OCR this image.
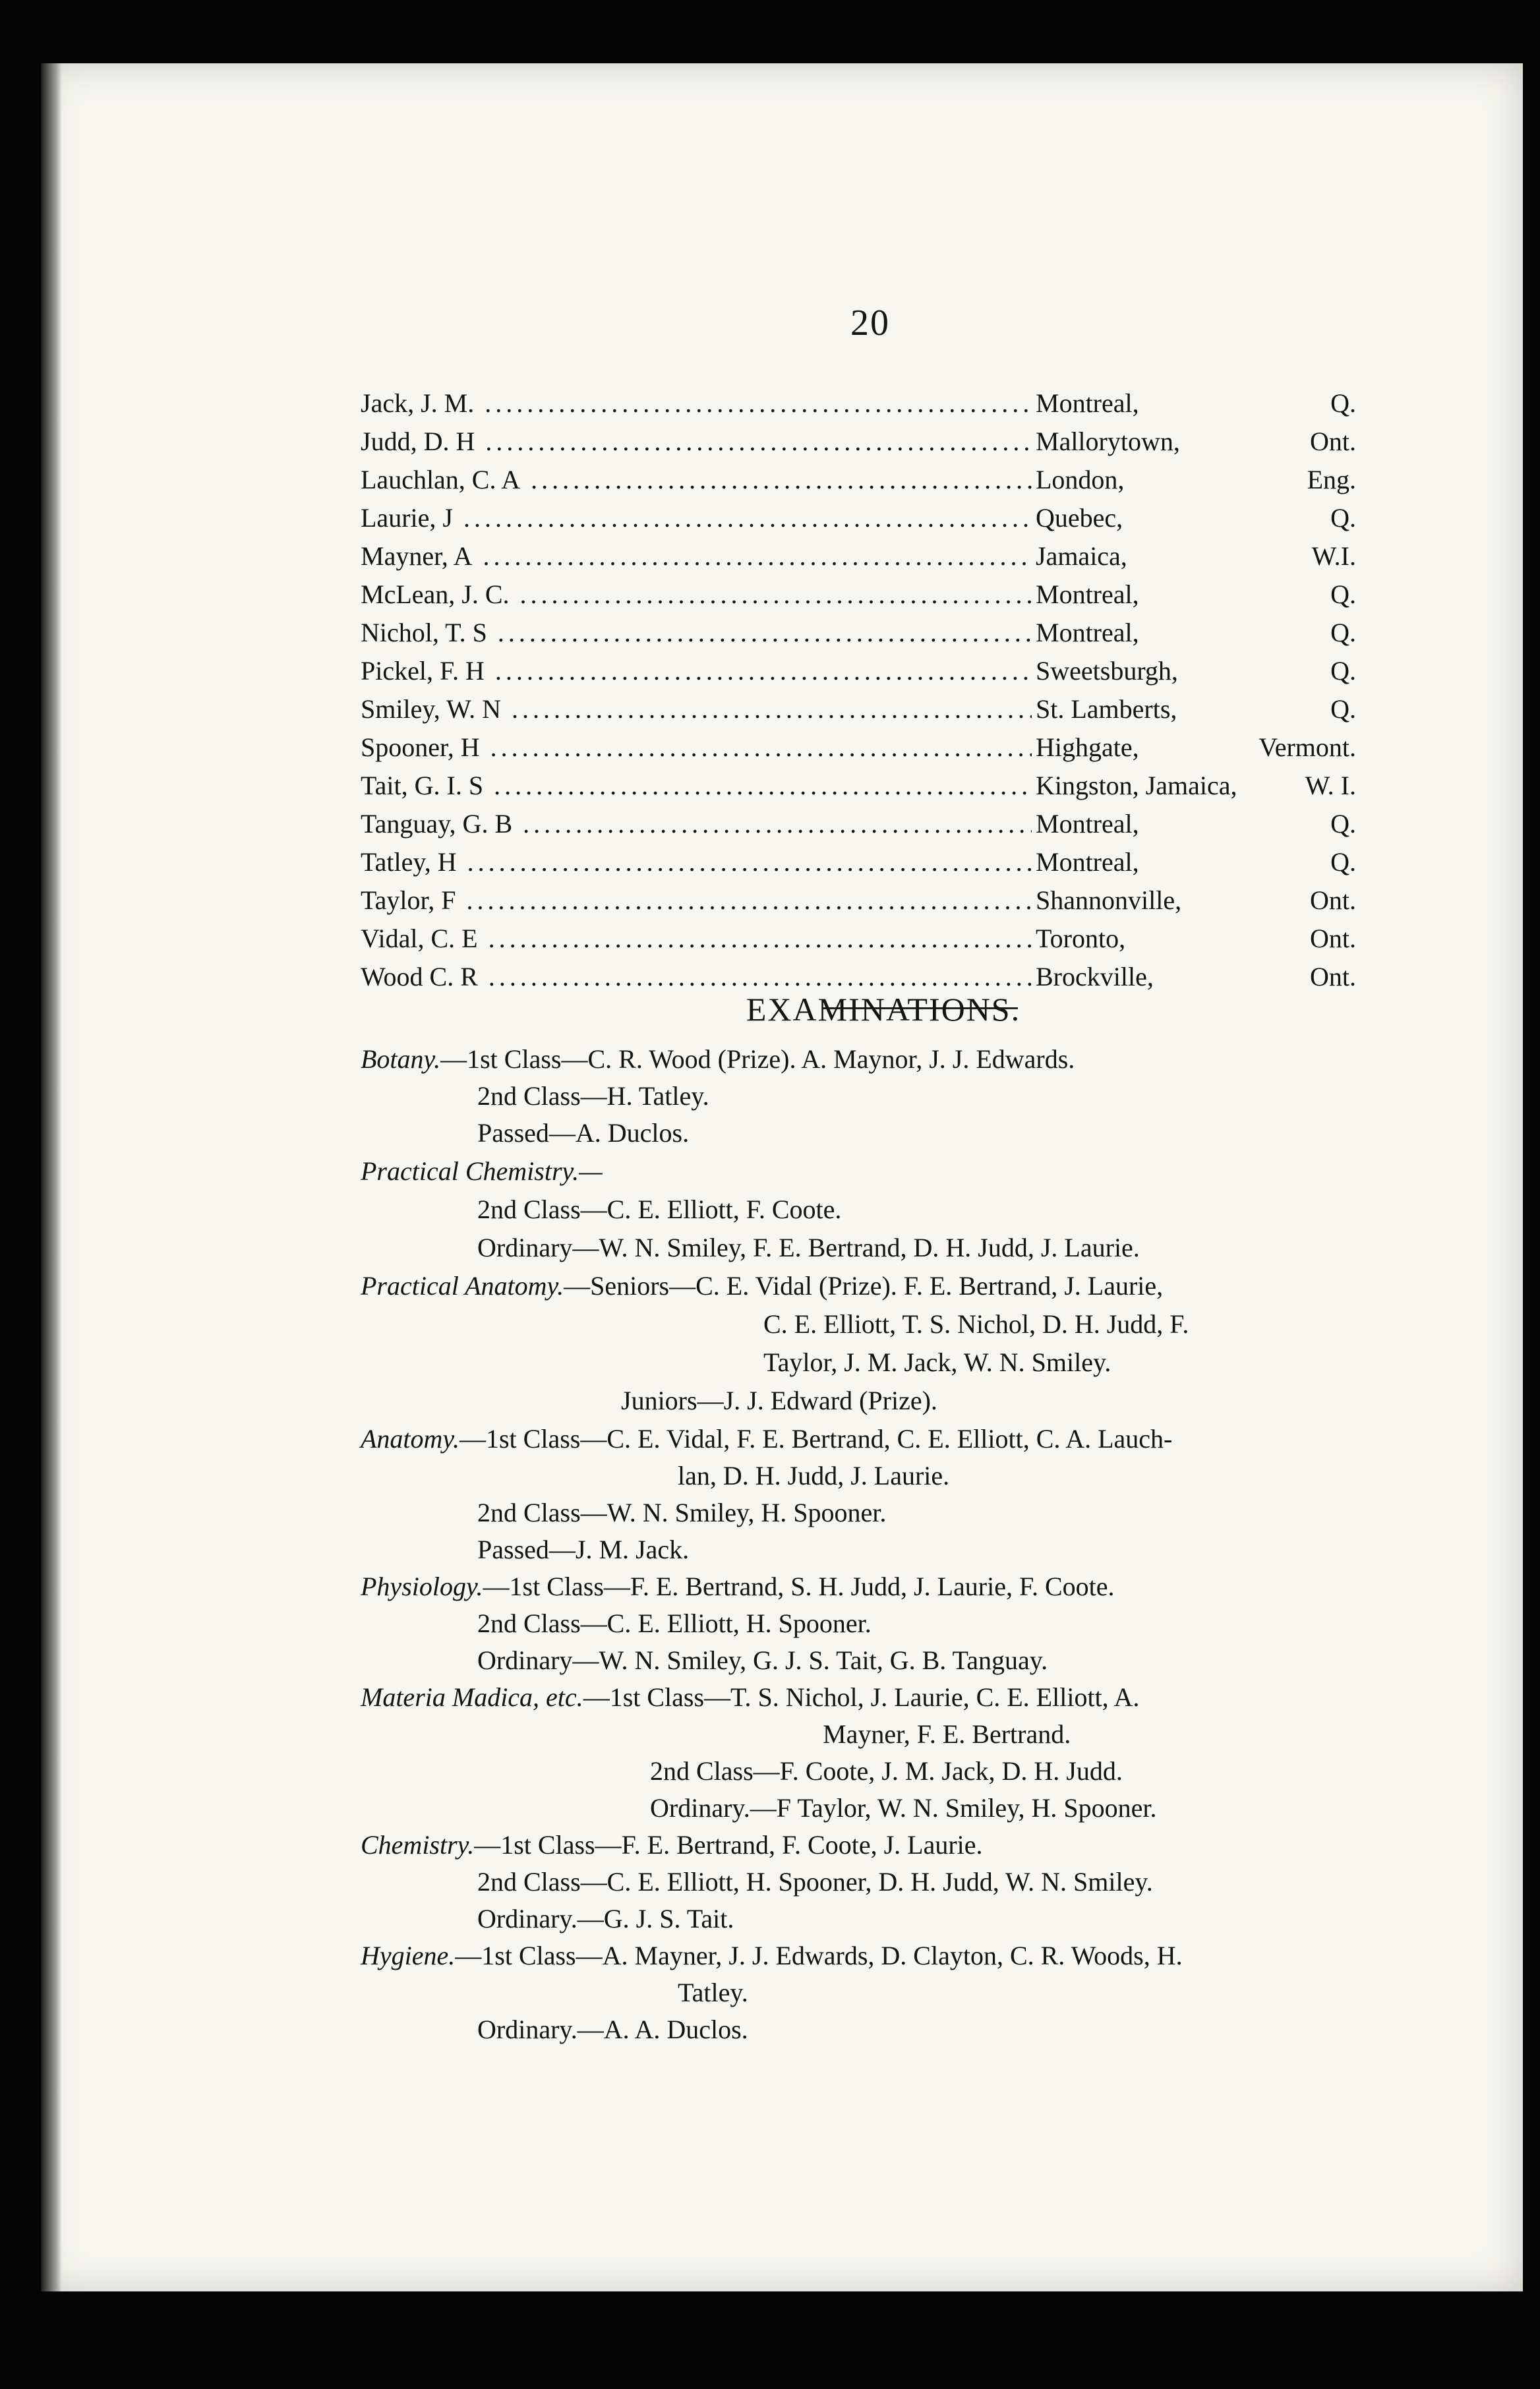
20
Jack, J. M. .....	Montreal,	Q.
Judd, D. H .....	Mallorytown,	Ont.
Lauchlan, C. A .....	London,	Eng.
Laurie, J .....	Quebec,	Q.
Mayner, A .....	Jamaica,	W.I.
McLean, J. C. .....	Montreal,	Q.
Nichol, T. S .....	Montreal,	Q.
Pickel, F. H .....	Sweetsburgh,	Q.
Smiley, W. N .....	St. Lamberts,	Q.
Spooner, H .....	Highgate,	Vermont.
Tait, G. I. S .....	Kingston, Jamaica,	W. I.
Tanguay, G. B .....	Montreal,	Q.
Tatley, H .....	Montreal,	Q.
Taylor, F .....	Shannonville,	Ont.
Vidal, C. E .....	Toronto,	Ont.
Wood C. R .....	Brockville,	Ont.
EXAMINATIONS.
Botany.—1st Class—C. R. Wood (Prize). A. Maynor, J. J. Edwards.
2nd Class—H. Tatley.
Passed—A. Duclos.
Practical Chemistry.—
2nd Class—C. E. Elliott, F. Coote.
Ordinary—W. N. Smiley, F. E. Bertrand, D. H. Judd, J. Laurie.
Practical Anatomy.—Seniors—C. E. Vidal (Prize). F. E. Bertrand, J. Laurie,
C. E. Elliott, T. S. Nichol, D. H. Judd, F.
Taylor, J. M. Jack, W. N. Smiley.
Juniors—J. J. Edward (Prize).
Anatomy.—1st Class—C. E. Vidal, F. E. Bertrand, C. E. Elliott, C. A. Lauch-
lan, D. H. Judd, J. Laurie.
2nd Class—W. N. Smiley, H. Spooner.
Passed—J. M. Jack.
Physiology.—1st Class—F. E. Bertrand, S. H. Judd, J. Laurie, F. Coote.
2nd Class—C. E. Elliott, H. Spooner.
Ordinary—W. N. Smiley, G. J. S. Tait, G. B. Tanguay.
Materia Madica, etc.—1st Class—T. S. Nichol, J. Laurie, C. E. Elliott, A.
Mayner, F. E. Bertrand.
2nd Class—F. Coote, J. M. Jack, D. H. Judd.
Ordinary.—F Taylor, W. N. Smiley, H. Spooner.
Chemistry.—1st Class—F. E. Bertrand, F. Coote, J. Laurie.
2nd Class—C. E. Elliott, H. Spooner, D. H. Judd, W. N. Smiley.
Ordinary.—G. J. S. Tait.
Hygiene.—1st Class—A. Mayner, J. J. Edwards, D. Clayton, C. R. Woods, H.
Tatley.
Ordinary.—A. A. Duclos.
